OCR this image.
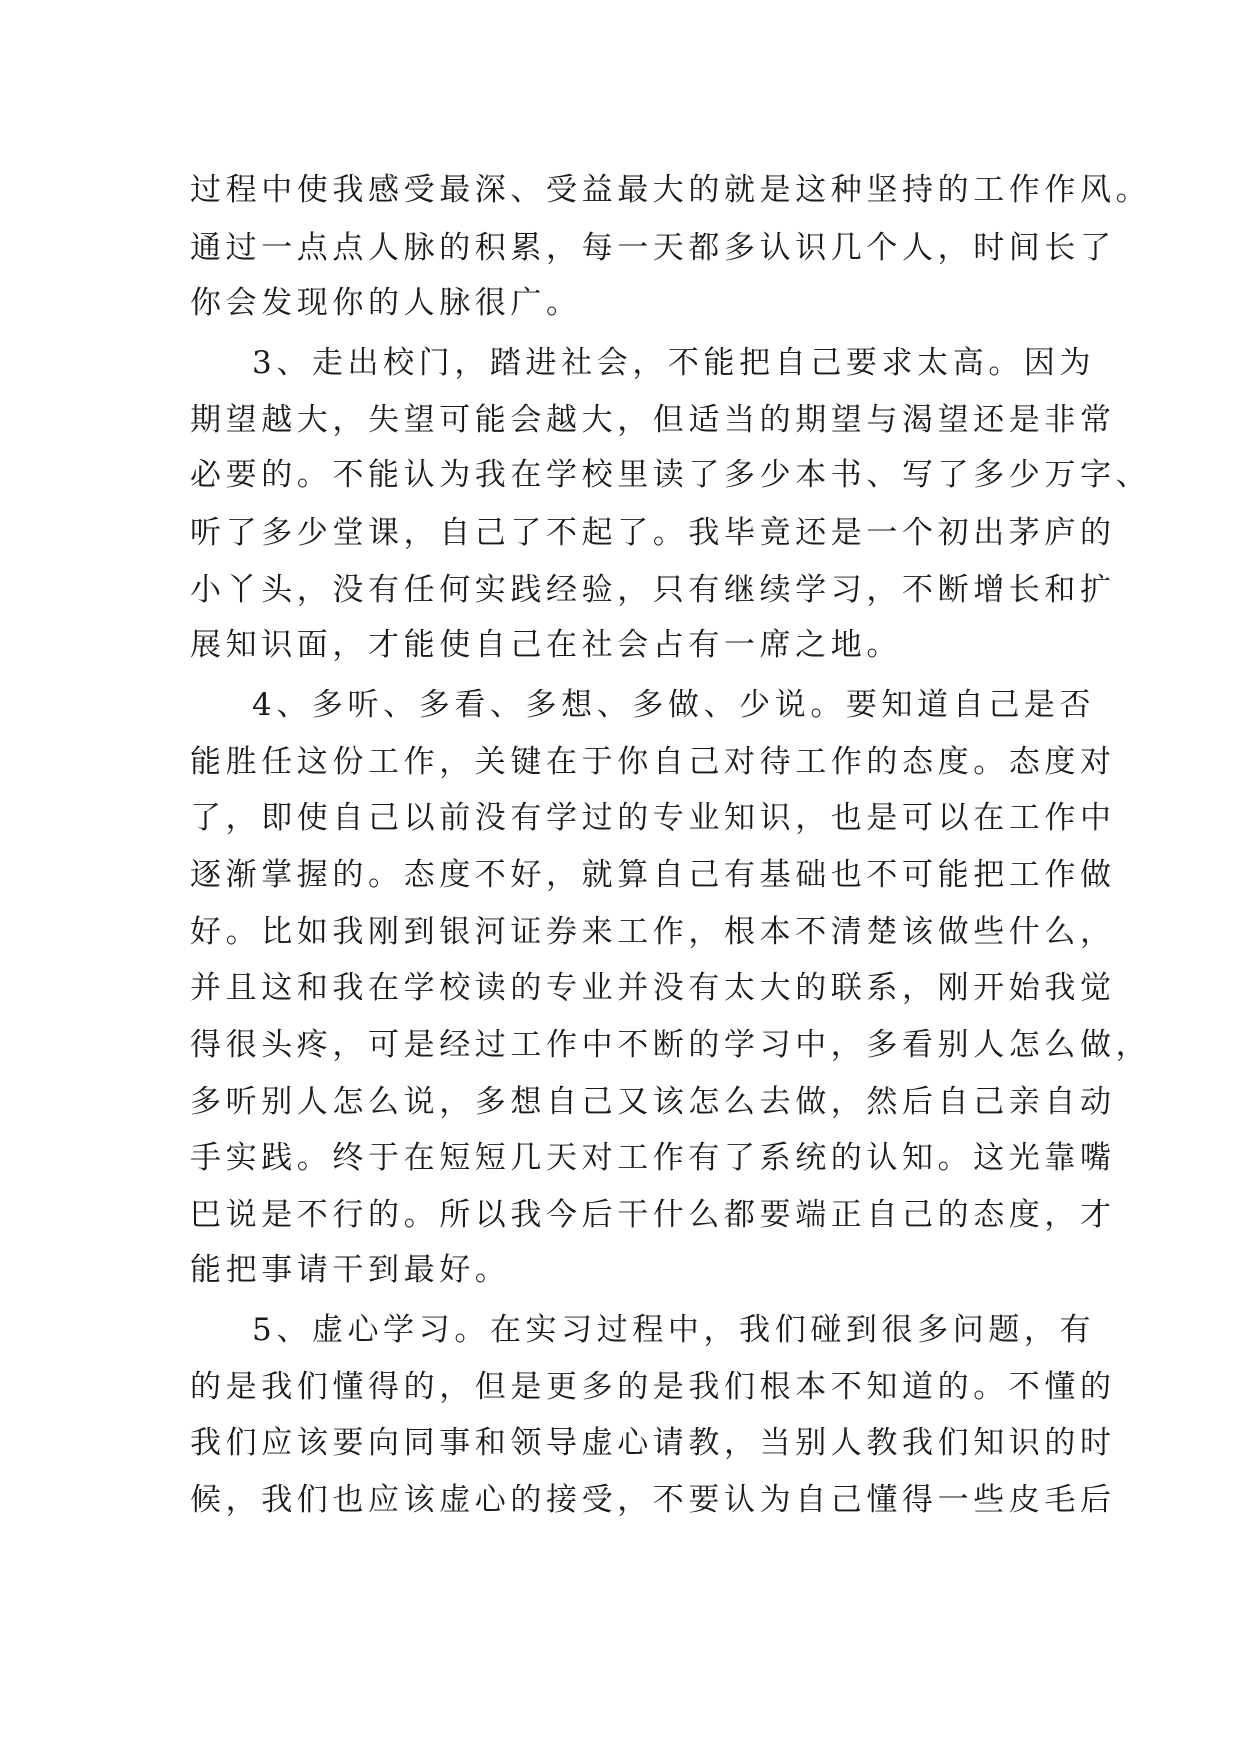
过程中使我感受最深、受益最大的就是这种坚持的工作作风。

通过一点点人脉的积累，每一天都多认识几个人，时间长了

你会发现你的人脉很广。

3、走出校门，踏进社会，不能把自己要求太高。因为

期望越大，失望可能会越大，但适当的期望与渴望还是非常

必要的。不能认为我在学校里读了多少本书、写了多少万字、

听了多少堂课，自己了不起了。我毕竟还是一个初出茅庐的

小丫头，没有任何实践经验，只有继续学习，不断增长和扩

展知识面，才能使自己在社会占有一席之地。

4、多听、多看、多想、多做、少说。要知道自己是否

能胜任这份工作，关键在于你自己对待工作的态度。态度对

了，即使自己以前没有学过的专业知识，也是可以在工作中

逐渐掌握的。态度不好，就算自己有基础也不可能把工作做

好。比如我刚到银河证券来工作，根本不清楚该做些什么，

并且这和我在学校读的专业并没有太大的联系，刚开始我觉

得很头疼，可是经过工作中不断的学习中，多看别人怎么做，

多听别人怎么说，多想自己又该怎么去做，然后自己亲自动

手实践。终于在短短几天对工作有了系统的认知。这光靠嘴

巴说是不行的。所以我今后干什么都要端正自己的态度，才

能把事请干到最好。

5、虚心学习。在实习过程中，我们碰到很多问题，有

的是我们懂得的，但是更多的是我们根本不知道的。不懂的

我们应该要向同事和领导虚心请教，当别人教我们知识的时

候，我们也应该虚心的接受，不要认为自己懂得一些皮毛后
